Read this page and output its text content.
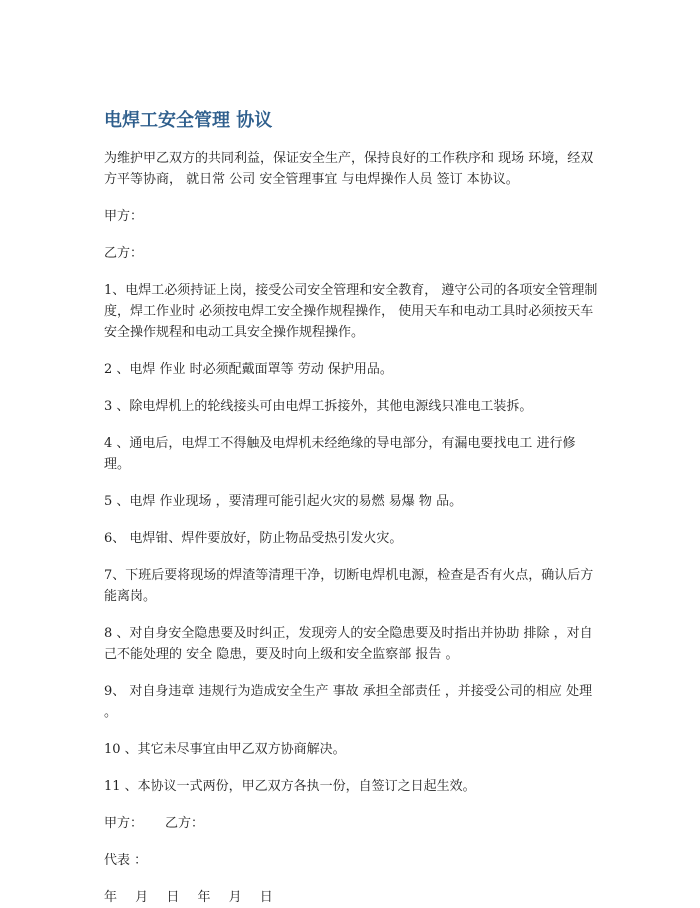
电焊工安全管理 协议

为维护甲乙双方的共同利益，保证安全生产，保持良好的工作秩序和 现场 环境，经双方平等协商， 就日常 公司 安全管理事宜 与电焊操作人员 签订 本协议。

甲方：

乙方：

1、电焊工必须持证上岗，接受公司安全管理和安全教育， 遵守公司的各项安全管理制度，焊工作业时 必须按电焊工安全操作规程操作， 使用天车和电动工具时必须按天车安全操作规程和电动工具安全操作规程操作。

2 、电焊 作业 时必须配戴面罩等 劳动 保护用品。

3 、除电焊机上的轮线接头可由电焊工拆接外，其他电源线只准电工装拆。

4 、通电后，电焊工不得触及电焊机未经绝缘的导电部分，有漏电要找电工 进行修理。

5 、电焊 作业现场 ，要清理可能引起火灾的易燃 易爆 物 品。

6、 电焊钳、焊件要放好，防止物品受热引发火灾。

7、下班后要将现场的焊渣等清理干净，切断电焊机电源，检查是否有火点，确认后方能离岗。

8 、对自身安全隐患要及时纠正，发现旁人的安全隐患要及时指出并协助 排除 ，对自己不能处理的 安全 隐患，要及时向上级和安全监察部 报告 。

9、 对自身违章 违规行为造成安全生产 事故 承担全部责任 ，并接受公司的相应 处理 。

10 、其它未尽事宜由甲乙双方协商解决。

11 、本协议一式两份，甲乙双方各执一份，自签订之日起生效。

甲方： 乙方：

代表 ：

年 月 日 年 月 日
